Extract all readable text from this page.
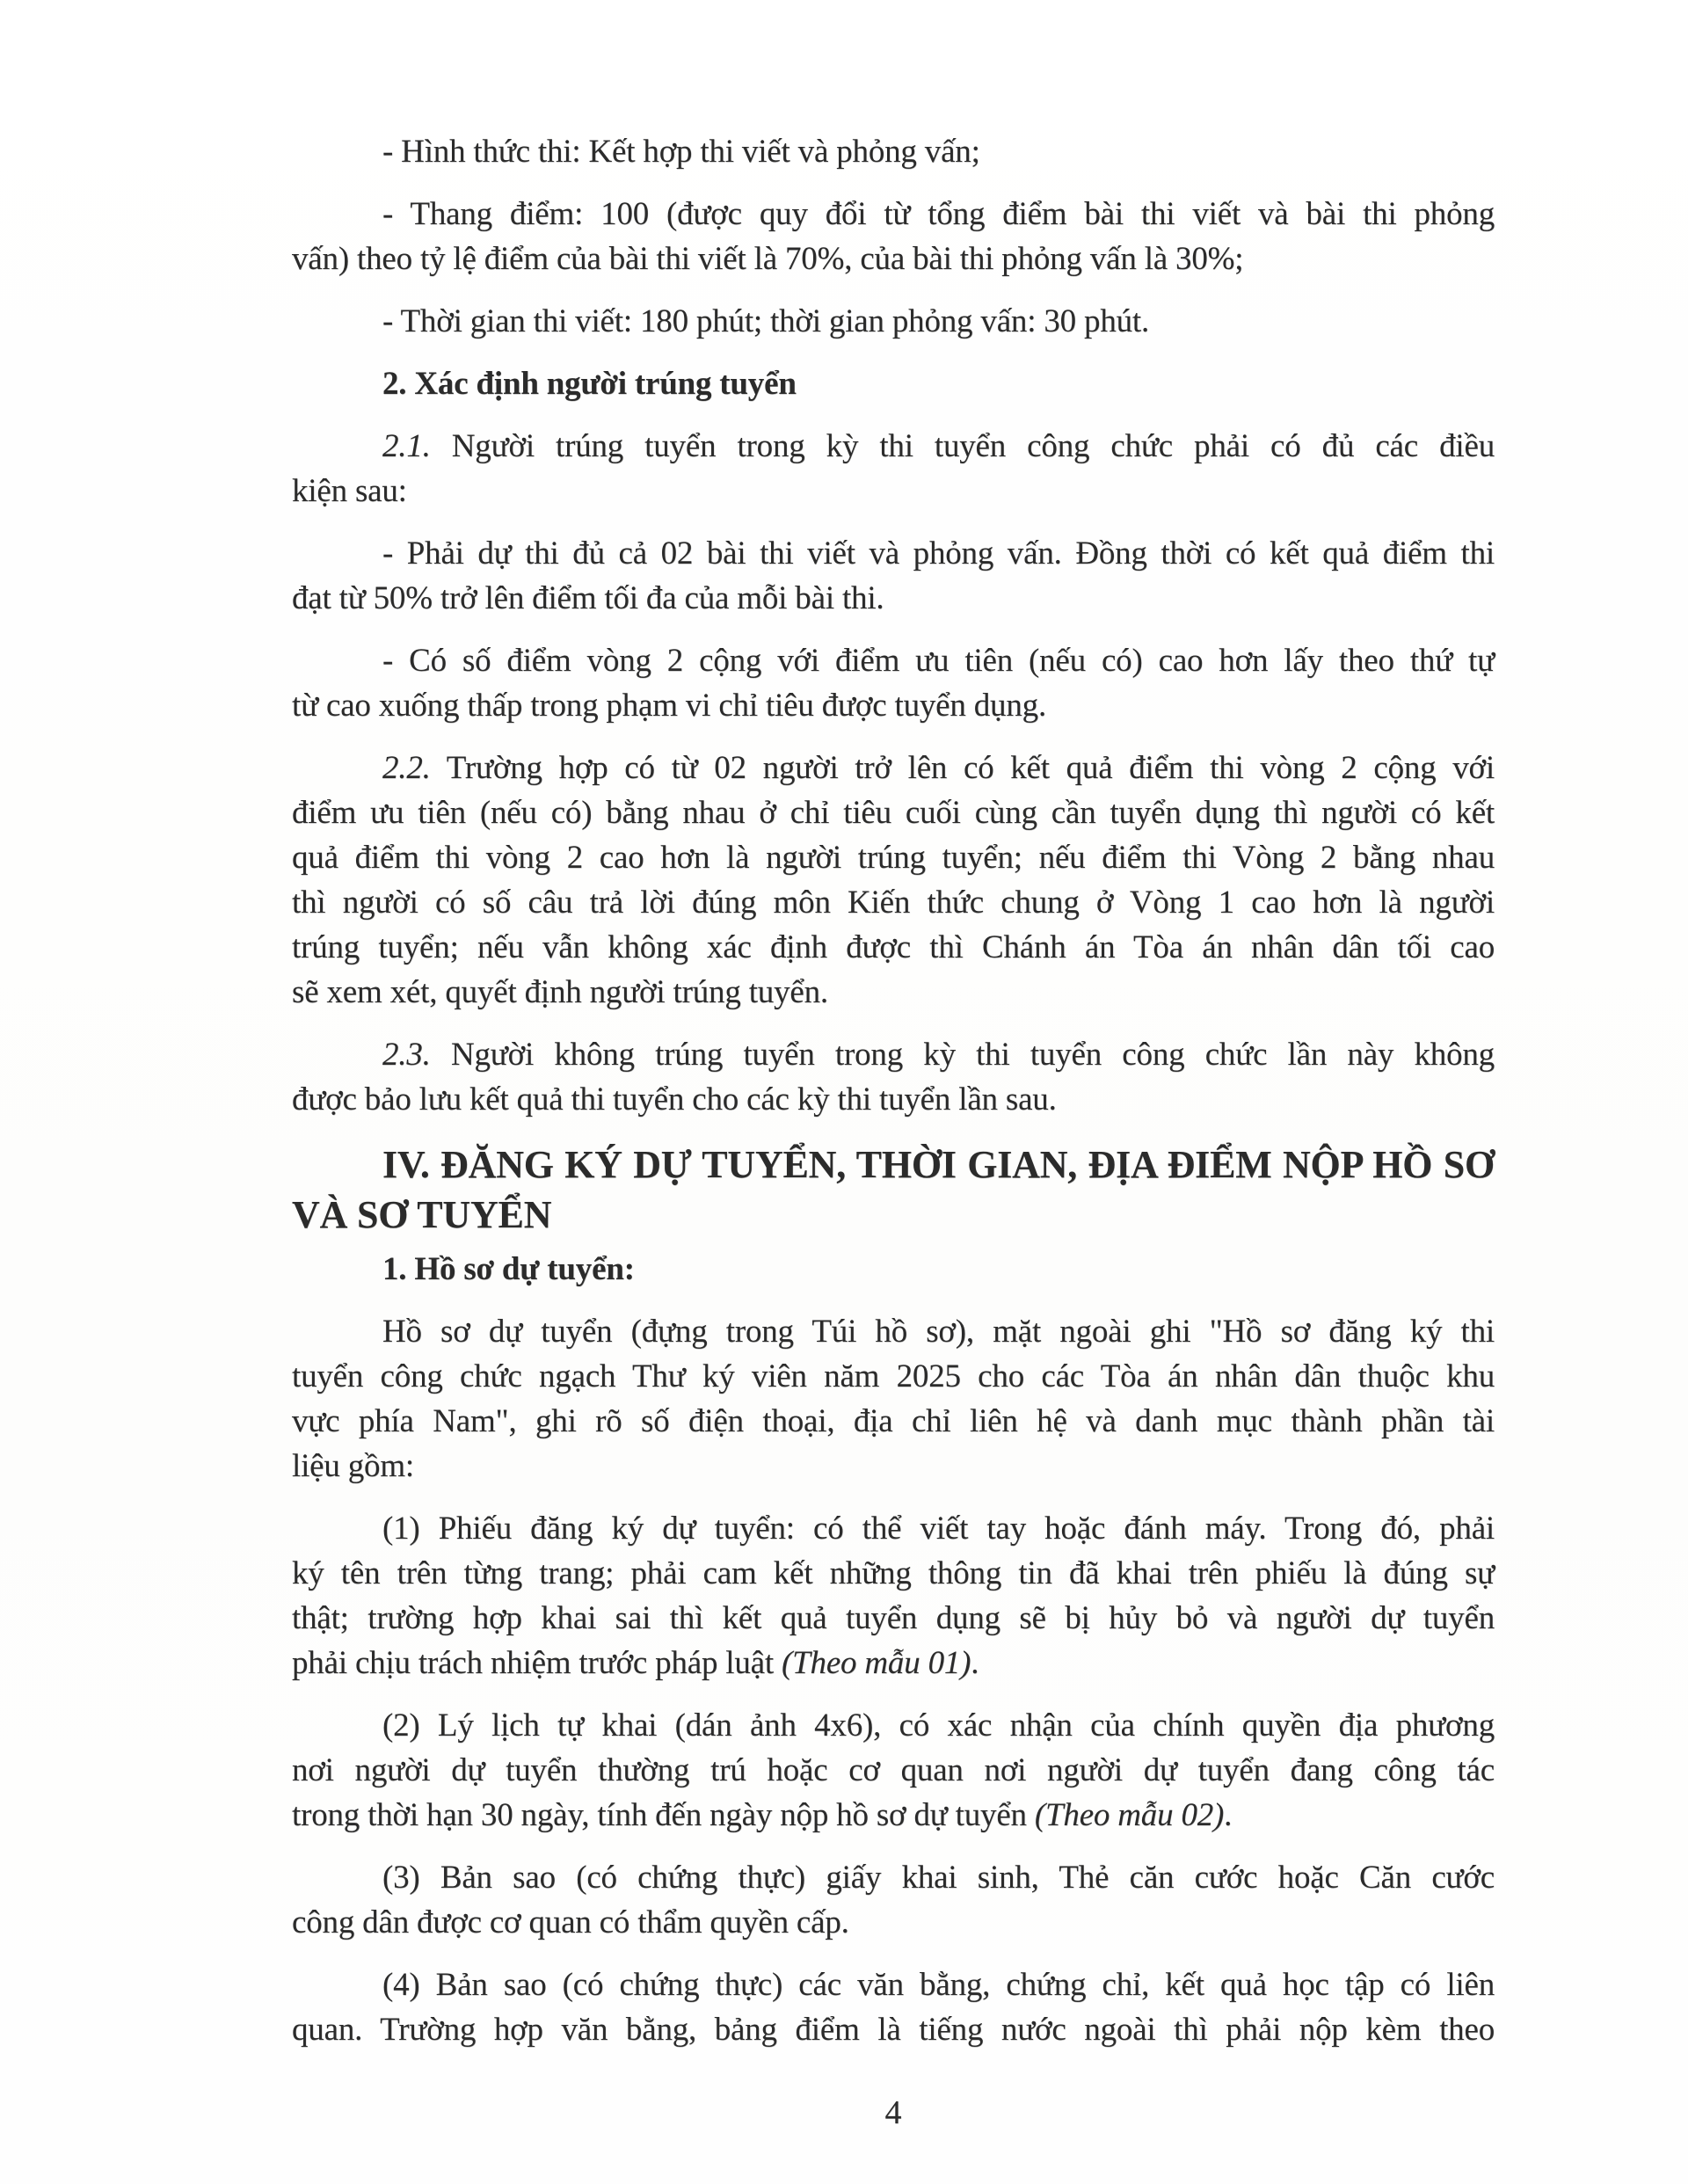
- Hình thức thi: Kết hợp thi viết và phỏng vấn;
- Thang điểm: 100 (được quy đổi từ tổng điểm bài thi viết và bài thi phỏng
vấn) theo tỷ lệ điểm của bài thi viết là 70%, của bài thi phỏng vấn là 30%;
- Thời gian thi viết: 180 phút; thời gian phỏng vấn: 30 phút.
2. Xác định người trúng tuyển
2.1. Người trúng tuyển trong kỳ thi tuyển công chức phải có đủ các điều
kiện sau:
- Phải dự thi đủ cả 02 bài thi viết và phỏng vấn. Đồng thời có kết quả điểm thi
đạt từ 50% trở lên điểm tối đa của mỗi bài thi.
- Có số điểm vòng 2 cộng với điểm ưu tiên (nếu có) cao hơn lấy theo thứ tự
từ cao xuống thấp trong phạm vi chỉ tiêu được tuyển dụng.
2.2. Trường hợp có từ 02 người trở lên có kết quả điểm thi vòng 2 cộng với
điểm ưu tiên (nếu có) bằng nhau ở chỉ tiêu cuối cùng cần tuyển dụng thì người có kết
quả điểm thi vòng 2 cao hơn là người trúng tuyển; nếu điểm thi Vòng 2 bằng nhau
thì người có số câu trả lời đúng môn Kiến thức chung ở Vòng 1 cao hơn là người
trúng tuyển; nếu vẫn không xác định được thì Chánh án Tòa án nhân dân tối cao
sẽ xem xét, quyết định người trúng tuyển.
2.3. Người không trúng tuyển trong kỳ thi tuyển công chức lần này không
được bảo lưu kết quả thi tuyển cho các kỳ thi tuyển lần sau.
IV. ĐĂNG KÝ DỰ TUYỂN, THỜI GIAN, ĐỊA ĐIỂM NỘP HỒ SƠ
VÀ SƠ TUYỂN
1. Hồ sơ dự tuyển:
Hồ sơ dự tuyển (đựng trong Túi hồ sơ), mặt ngoài ghi "Hồ sơ đăng ký thi
tuyển công chức ngạch Thư ký viên năm 2025 cho các Tòa án nhân dân thuộc khu
vực phía Nam", ghi rõ số điện thoại, địa chỉ liên hệ và danh mục thành phần tài
liệu gồm:
(1) Phiếu đăng ký dự tuyển: có thể viết tay hoặc đánh máy. Trong đó, phải
ký tên trên từng trang; phải cam kết những thông tin đã khai trên phiếu là đúng sự
thật; trường hợp khai sai thì kết quả tuyển dụng sẽ bị hủy bỏ và người dự tuyển
phải chịu trách nhiệm trước pháp luật (Theo mẫu 01).
(2) Lý lịch tự khai (dán ảnh 4x6), có xác nhận của chính quyền địa phương
nơi người dự tuyển thường trú hoặc cơ quan nơi người dự tuyển đang công tác
trong thời hạn 30 ngày, tính đến ngày nộp hồ sơ dự tuyển (Theo mẫu 02).
(3) Bản sao (có chứng thực) giấy khai sinh, Thẻ căn cước hoặc Căn cước
công dân được cơ quan có thẩm quyền cấp.
(4) Bản sao (có chứng thực) các văn bằng, chứng chỉ, kết quả học tập có liên
quan. Trường hợp văn bằng, bảng điểm là tiếng nước ngoài thì phải nộp kèm theo
4
